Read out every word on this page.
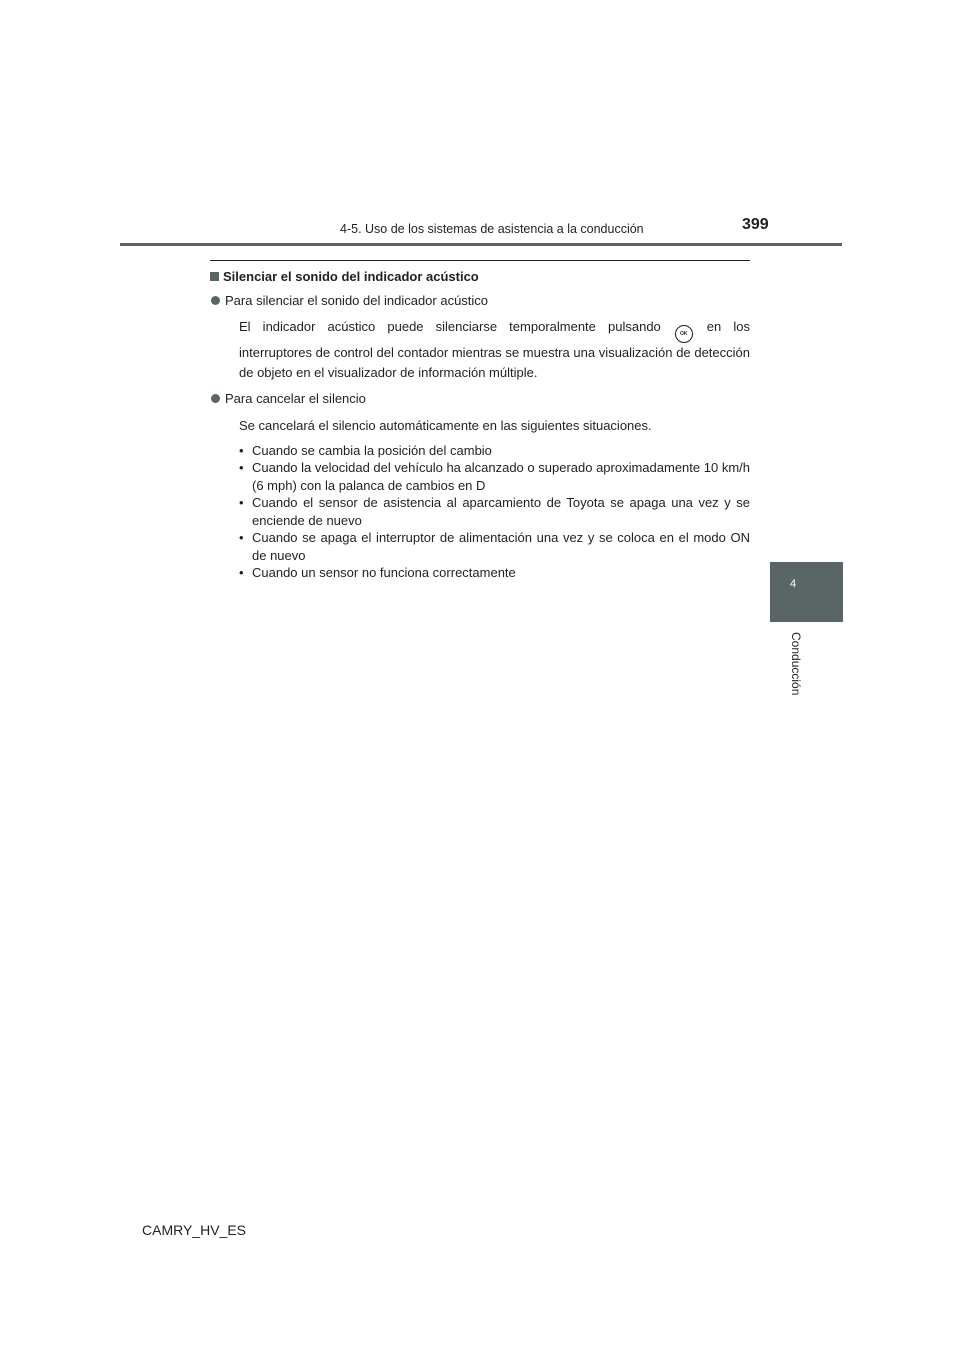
4-5. Uso de los sistemas de asistencia a la conducción	399
4
Conducción
Silenciar el sonido del indicador acústico
Para silenciar el sonido del indicador acústico
El indicador acústico puede silenciarse temporalmente pulsando	OK en los interruptores de control del contador mientras se muestra una visualización de detección de objeto en el visualizador de información múltiple.
Para cancelar el silencio
Se cancelará el silencio automáticamente en las siguientes situaciones.
• Cuando se cambia la posición del cambio
• Cuando la velocidad del vehículo ha alcanzado o superado aproximadamente 10 km/h (6 mph) con la palanca de cambios en D
• Cuando el sensor de asistencia al aparcamiento de Toyota se apaga una vez y se enciende de nuevo
• Cuando se apaga el interruptor de alimentación una vez y se coloca en el modo ON de nuevo
• Cuando un sensor no funciona correctamente
CAMRY_HV_ES
